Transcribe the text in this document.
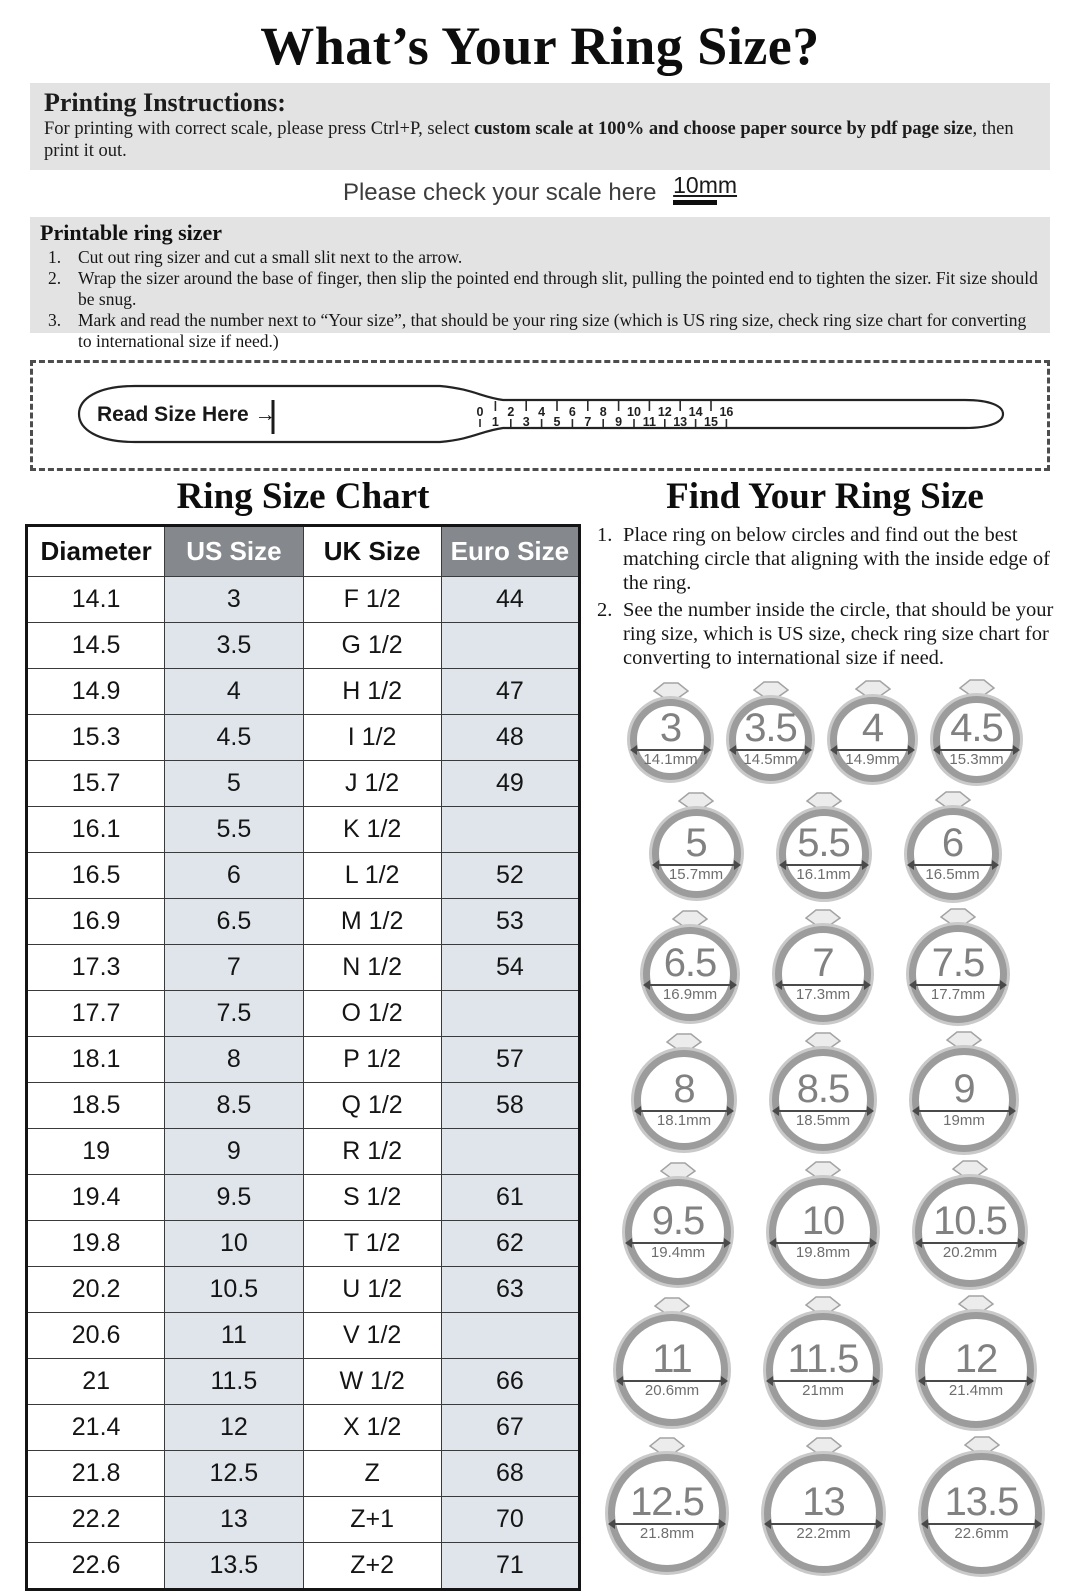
What’s Your Ring Size?
Printing Instructions:

For printing with correct scale, please press Ctrl+P, select custom scale at 100% and choose paper source by pdf page size, then print it out.

Please check your scale here 10mm
Printable ring sizer
1. Cut out ring sizer and cut a small slit next to the arrow.
2. Wrap the sizer around the base of finger, then slip the pointed end through slit, pulling the pointed end to tighten the sizer. Fit size should be snug.
3. Mark and read the number next to “Your size”, that should be your ring size (which is US ring size, check ring size chart for converting to international size if need.)
Read Size Here →	0
1
2
3
4
5
6
7
8
9
10
11
12
13
14
15
16
Ring Size Chart
Diameter	US Size	UK Size	Euro Size
14.1	3	F 1/2	44
14.5	3.5	G 1/2	
14.9	4	H 1/2	47
15.3	4.5	I 1/2	48
15.7	5	J 1/2	49
16.1	5.5	K 1/2	
16.5	6	L 1/2	52
16.9	6.5	M 1/2	53
17.3	7	N 1/2	54
17.7	7.5	O 1/2	
18.1	8	P 1/2	57
18.5	8.5	Q 1/2	58
19	9	R 1/2	
19.4	9.5	S 1/2	61
19.8	10	T 1/2	62
20.2	10.5	U 1/2	63
20.6	11	V 1/2	
21	11.5	W 1/2	66
21.4	12	X 1/2	67
21.8	12.5	Z	68
22.2	13	Z+1	70
22.6	13.5	Z+2	71
Find Your Ring Size
1. Place ring on below circles and find out the best matching circle that aligning with the inside edge of the ring.
2. See the number inside the circle, that should be your ring size, which is US size, check ring size chart for converting to international size if need.
3
14.1mm
3.5
14.5mm
4
14.9mm
4.5
15.3mm
5
15.7mm
5.5
16.1mm
6
16.5mm
6.5
16.9mm
7
17.3mm
7.5
17.7mm
8
18.1mm
8.5
18.5mm
9
19mm
9.5
19.4mm
10
19.8mm
10.5
20.2mm
11
20.6mm
11.5
21mm
12
21.4mm
12.5
21.8mm
13
22.2mm
13.5
22.6mm
